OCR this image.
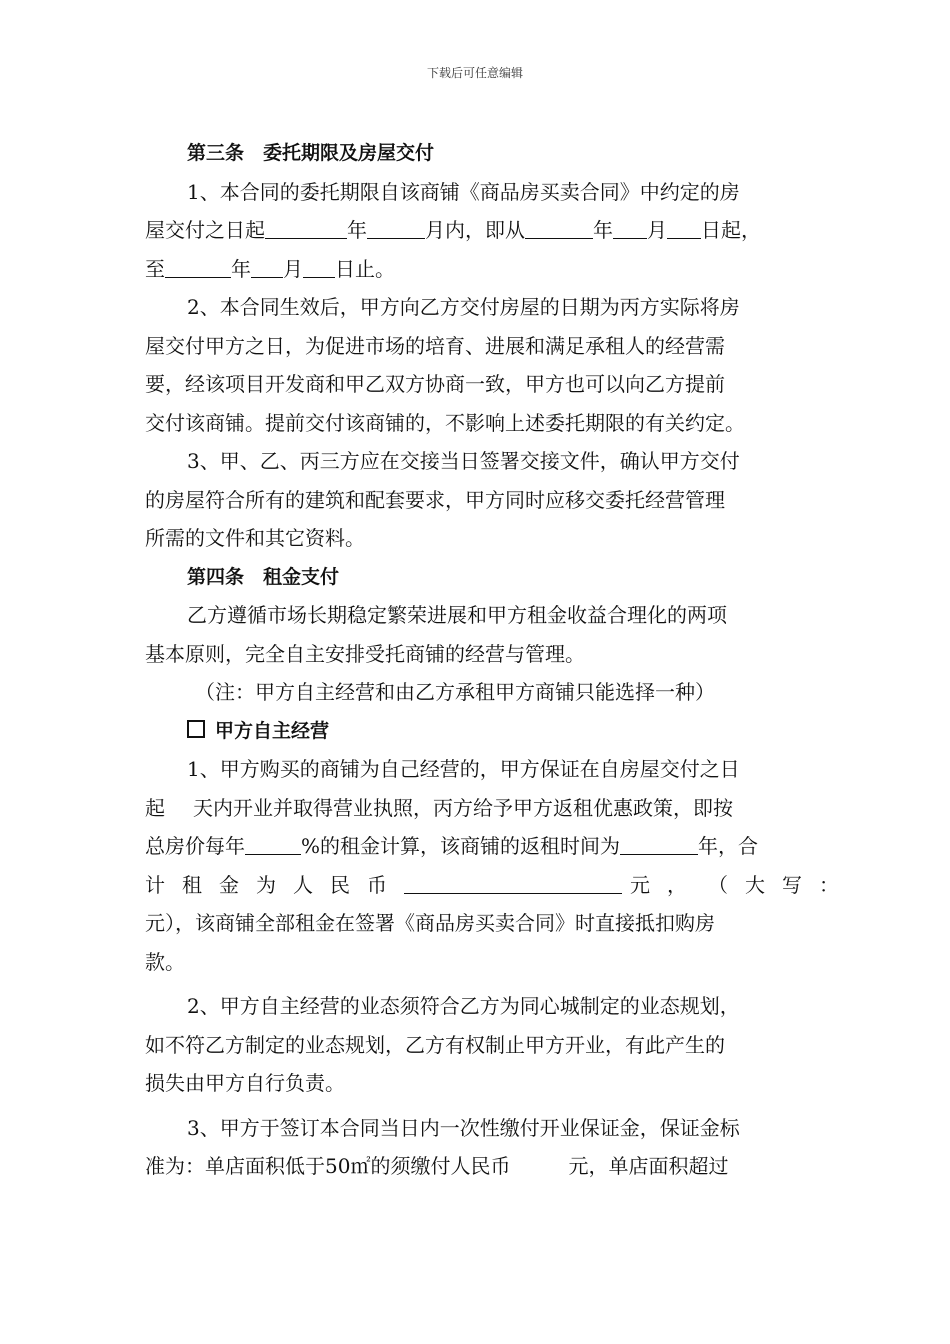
下载后可任意编辑

第三条　委托期限及房屋交付

1、本合同的委托期限自该商铺《商品房买卖合同》中约定的房

屋交付之日起	年	月内，即从	年 月 日起，

至	年 月 日止。

2、本合同生效后，甲方向乙方交付房屋的日期为丙方实际将房

屋交付甲方之日，为促进市场的培育、进展和满足承租人的经营需

要，经该项目开发商和甲乙双方协商一致，甲方也可以向乙方提前

交付该商铺。提前交付该商铺的，不影响上述委托期限的有关约定。

3、甲、乙、丙三方应在交接当日签署交接文件，确认甲方交付

的房屋符合所有的建筑和配套要求，甲方同时应移交委托经营管理

所需的文件和其它资料。

第四条　租金支付

乙方遵循市场长期稳定繁荣进展和甲方租金收益合理化的两项

基本原则，完全自主安排受托商铺的经营与管理。

（注：甲方自主经营和由乙方承租甲方商铺只能选择一种）

甲方自主经营

1、甲方购买的商铺为自己经营的，甲方保证在自房屋交付之日

起 天内开业并取得营业执照，丙方给予甲方返租优惠政策，即按

总房价每年	%的租金计算，该商铺的返租时间为	年，合

计租金为人民币	元， （大写：

元），该商铺全部租金在签署《商品房买卖合同》时直接抵扣购房

款。

2、甲方自主经营的业态须符合乙方为同心城制定的业态规划，

如不符乙方制定的业态规划，乙方有权制止甲方开业，有此产生的

损失由甲方自行负责。

3、甲方于签订本合同当日内一次性缴付开业保证金，保证金标

准为：单店面积低于50㎡的须缴付人民币	元，单店面积超过
